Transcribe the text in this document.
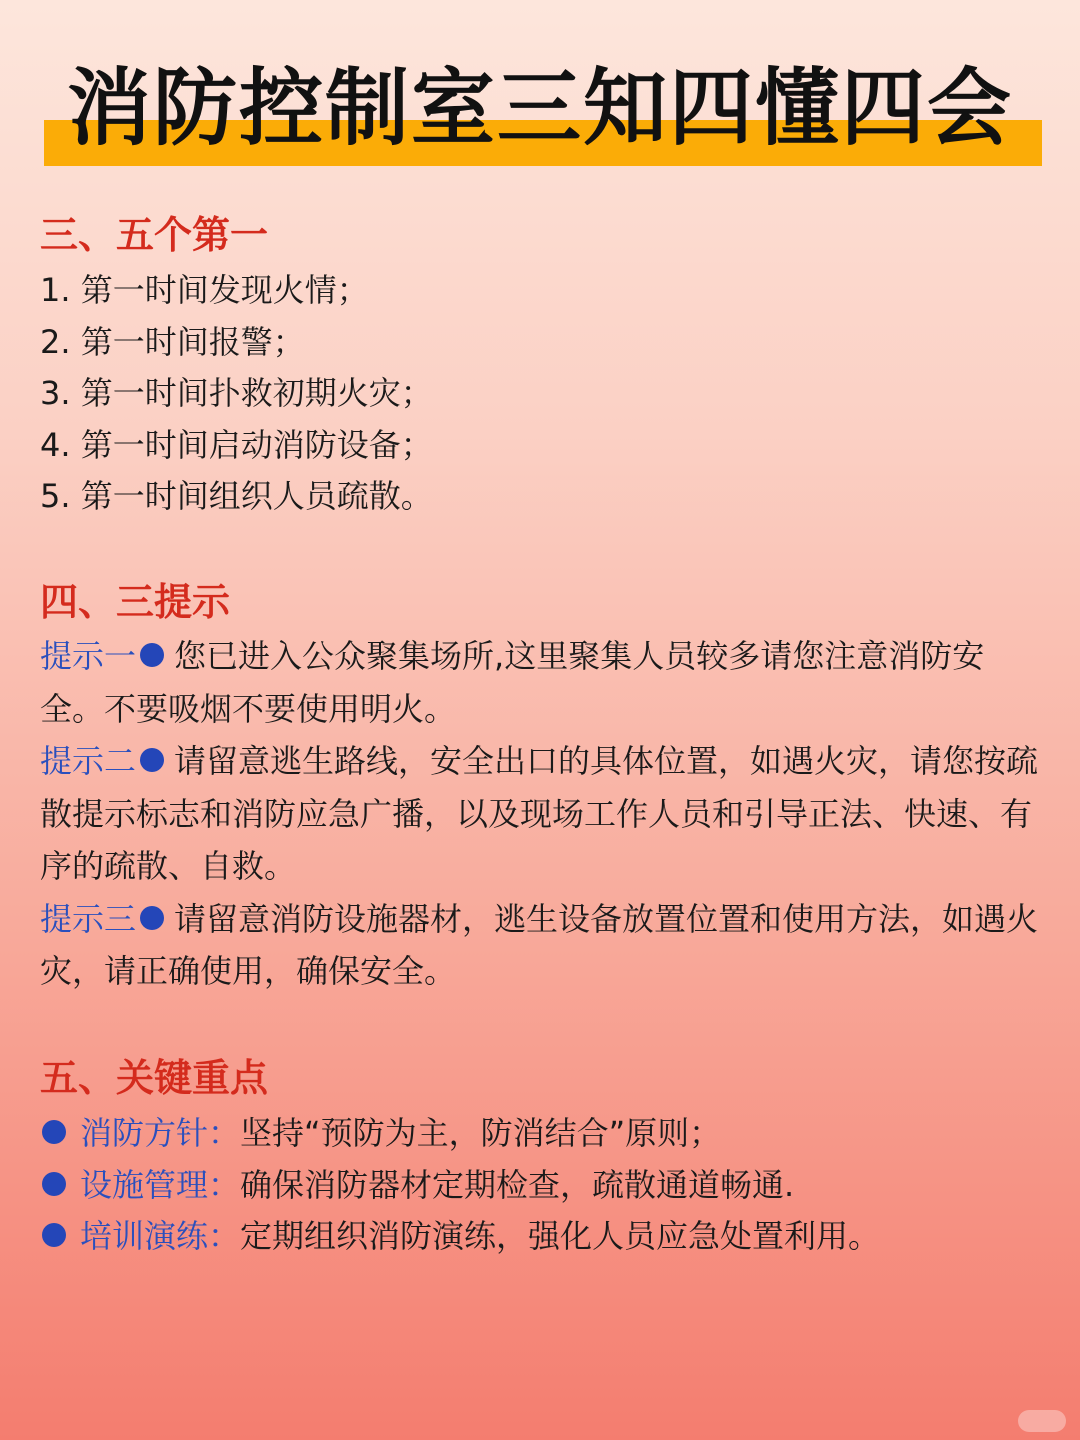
消防控制室三知四懂四会
三、五个第一
1. 第一时间发现火情；
2. 第一时间报警；
3. 第一时间扑救初期火灾；
4. 第一时间启动消防设备；
5. 第一时间组织人员疏散。
四、三提示
提示一 您已进入公众聚集场所,这里聚集人员较多请您注意消防安全。不要吸烟不要使用明火。
提示二 请留意逃生路线，安全出口的具体位置，如遇火灾，请您按疏散提示标志和消防应急广播，以及现场工作人员和引导正法、快速、有序的疏散、自救。
提示三 请留意消防设施器材，逃生设备放置位置和使用方法，如遇火灾，请正确使用，确保安全。
五、关键重点
消防方针：坚持“预防为主，防消结合”原则；
设施管理：确保消防器材定期检查，疏散通道畅通.
培训演练：定期组织消防演练，强化人员应急处置利用。
